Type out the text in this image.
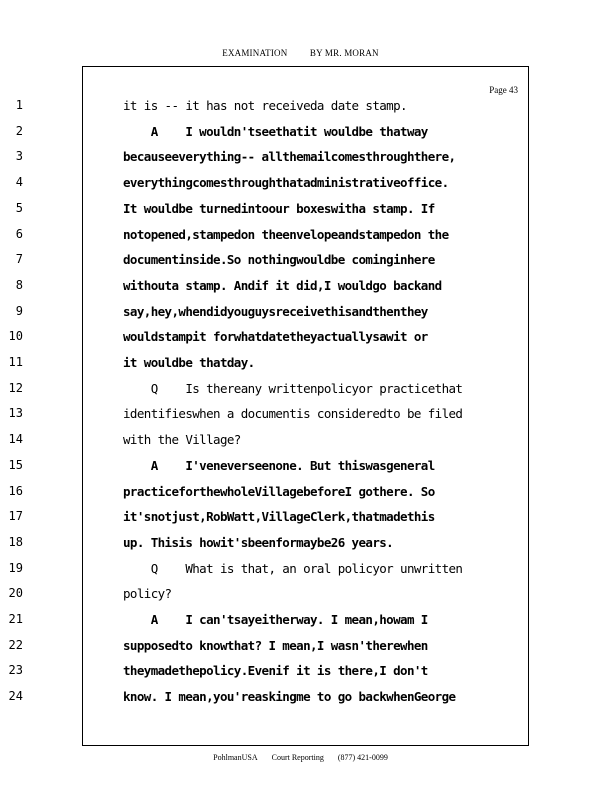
EXAMINATION BY MR. MORAN
Page 43
1	it is -- it has not receiveda date stamp.
2	A    I wouldn'tseethatit wouldbe thatway
3	becauseeverything-- allthemailcomesthroughthere,
4	everythingcomesthroughthatadministrativeoffice.
5	It wouldbe turnedintoour boxeswitha stamp. If
6	notopened,stampedon theenvelopeandstampedon the
7	documentinside.So nothingwouldbe cominginhere
8	withouta stamp. Andif it did,I wouldgo backand
9	say,hey,whendidyouguysreceivethisandthenthey
10	wouldstampit forwhatdatetheyactuallysawit or
11	it wouldbe thatday.
12	Q    Is thereany writtenpolicyor practicethat
13	identifieswhen a documentis consideredto be filed
14	with the Village?
15	A    I'veneverseenone. But thiswasgeneral
16	practiceforthewholeVillagebeforeI gothere. So
17	it'snotjust,RobWatt,VillageClerk,thatmadethis
18	up. Thisis howit'sbeenformaybe26 years.
19	Q    What is that, an oral policyor unwritten
20	policy?
21	A    I can'tsayeitherway. I mean,howam I
22	supposedto knowthat? I mean,I wasn'therewhen
23	theymadethepolicy.Evenif it is there,I don't
24	know. I mean,you'reaskingme to go backwhenGeorge
PohlmanUSA Court Reporting (877) 421-0099
